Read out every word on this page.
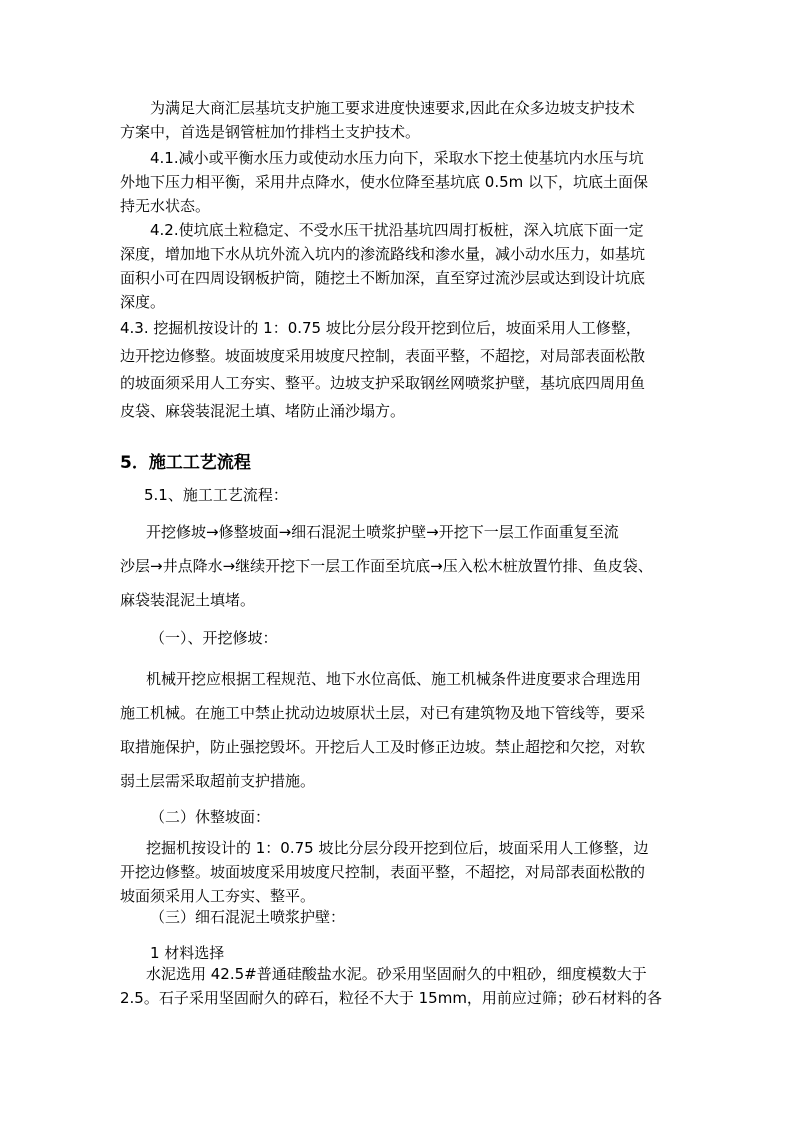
为满足大商汇层基坑支护施工要求进度快速要求,因此在众多边坡支护技术
方案中，首选是钢管桩加竹排档土支护技术。

4.1.减小或平衡水压力或使动水压力向下，采取水下挖土使基坑内水压与坑
外地下压力相平衡，采用井点降水，使水位降至基坑底 0.5m 以下，坑底土面保
持无水状态。

4.2.使坑底土粒稳定、不受水压干扰沿基坑四周打板桩，深入坑底下面一定
深度，增加地下水从坑外流入坑内的渗流路线和渗水量，减小动水压力，如基坑
面积小可在四周设钢板护筒，随挖土不断加深，直至穿过流沙层或达到设计坑底
深度。

4.3. 挖掘机按设计的 1：0.75 坡比分层分段开挖到位后，坡面采用人工修整，
边开挖边修整。坡面坡度采用坡度尺控制，表面平整，不超挖，对局部表面松散
的坡面须采用人工夯实、整平。边坡支护采取钢丝网喷浆护壁，基坑底四周用鱼
皮袋、麻袋装混泥土填、堵防止涌沙塌方。

5．施工工艺流程

5.1、施工工艺流程：

开挖修坡→修整坡面→细石混泥土喷浆护壁→开挖下一层工作面重复至流
沙层→井点降水→继续开挖下一层工作面至坑底→压入松木桩放置竹排、鱼皮袋、
麻袋装混泥土填堵。

（一）、开挖修坡：

机械开挖应根据工程规范、地下水位高低、施工机械条件进度要求合理选用
施工机械。在施工中禁止扰动边坡原状土层，对已有建筑物及地下管线等，要采
取措施保护，防止强挖毁坏。开挖后人工及时修正边坡。禁止超挖和欠挖，对软
弱土层需采取超前支护措施。

（二）休整坡面：

挖掘机按设计的 1：0.75 坡比分层分段开挖到位后，坡面采用人工修整，边
开挖边修整。坡面坡度采用坡度尺控制，表面平整，不超挖，对局部表面松散的
坡面须采用人工夯实、整平。

（三）细石混泥土喷浆护壁：

1 材料选择

水泥选用 42.5#普通硅酸盐水泥。砂采用坚固耐久的中粗砂，细度模数大于
2.5。石子采用坚固耐久的碎石，粒径不大于 15mm，用前应过筛；砂石材料的各
